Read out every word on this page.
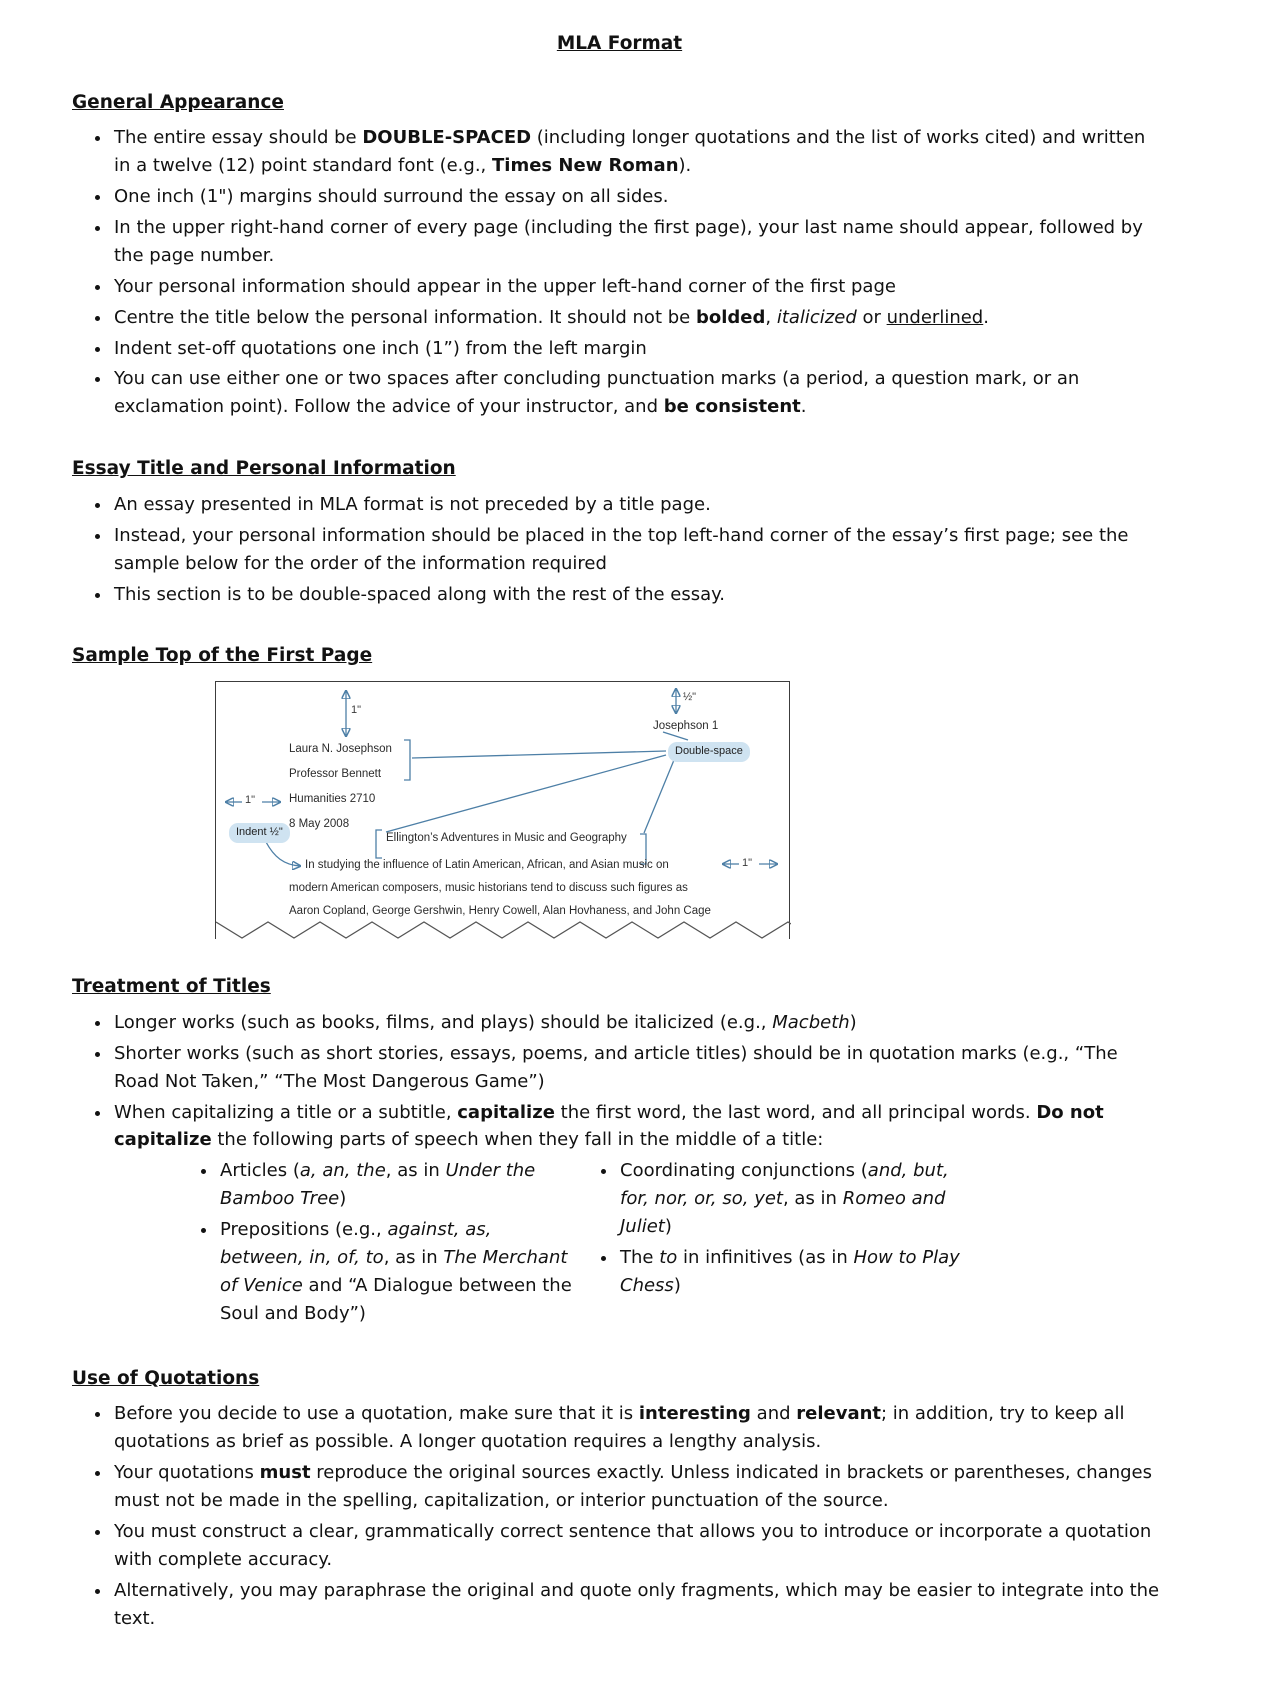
MLA Format
General Appearance
• The entire essay should be DOUBLE-SPACED (including longer quotations and the list of works cited) and written in a twelve (12) point standard font (e.g., Times New Roman).
• One inch (1") margins should surround the essay on all sides.
• In the upper right-hand corner of every page (including the first page), your last name should appear, followed by the page number.
• Your personal information should appear in the upper left-hand corner of the first page
• Centre the title below the personal information. It should not be bolded, italicized or underlined.
• Indent set-off quotations one inch (1”) from the left margin
• You can use either one or two spaces after concluding punctuation marks (a period, a question mark, or an exclamation point). Follow the advice of your instructor, and be consistent.
Essay Title and Personal Information
• An essay presented in MLA format is not preceded by a title page.
• Instead, your personal information should be placed in the top left-hand corner of the essay’s first page; see the sample below for the order of the information required
• This section is to be double-spaced along with the rest of the essay.
Sample Top of the First Page
1"
½"
Josephson 1
Laura N. Josephson
Professor Bennett
Humanities 2710
8 May 2008
Double-space
1"
Indent ½"	Ellington’s Adventures in Music and Geography
In studying the influence of Latin American, African, and Asian music on
modern American composers, music historians tend to discuss such figures as
Aaron Copland, George Gershwin, Henry Cowell, Alan Hovhaness, and John Cage
1"
Treatment of Titles
• Longer works (such as books, films, and plays) should be italicized (e.g., Macbeth)
• Shorter works (such as short stories, essays, poems, and article titles) should be in quotation marks (e.g., “The Road Not Taken,” “The Most Dangerous Game”)
• When capitalizing a title or a subtitle, capitalize the first word, the last word, and all principal words. Do not capitalize the following parts of speech when they fall in the middle of a title:
• Articles (a, an, the, as in Under the Bamboo Tree)
• Prepositions (e.g., against, as, between, in, of, to, as in The Merchant of Venice and “A Dialogue between the Soul and Body”)
• Coordinating conjunctions (and, but, for, nor, or, so, yet, as in Romeo and Juliet)
• The to in infinitives (as in How to Play Chess)
Use of Quotations
• Before you decide to use a quotation, make sure that it is interesting and relevant; in addition, try to keep all quotations as brief as possible. A longer quotation requires a lengthy analysis.
• Your quotations must reproduce the original sources exactly. Unless indicated in brackets or parentheses, changes must not be made in the spelling, capitalization, or interior punctuation of the source.
• You must construct a clear, grammatically correct sentence that allows you to introduce or incorporate a quotation with complete accuracy.
• Alternatively, you may paraphrase the original and quote only fragments, which may be easier to integrate into the text.
